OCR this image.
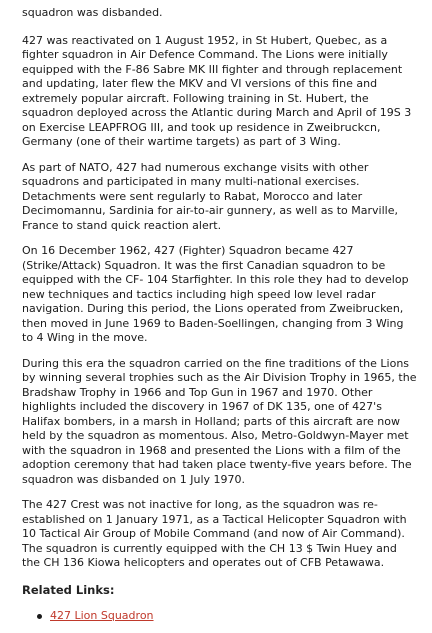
squadron was disbanded.

427 was reactivated on 1 August 1952, in St Hubert, Quebec, as a fighter squadron in Air Defence Command. The Lions were initially equipped with the F-86 Sabre MK III fighter and through replacement and updating, later flew the MKV and VI versions of this fine and extremely popular aircraft. Following training in St. Hubert, the squadron deployed across the Atlantic during March and April of 19S 3 on Exercise LEAPFROG III, and took up residence in Zweibruckcn, Germany (one of their wartime targets) as part of 3 Wing.

As part of NATO, 427 had numerous exchange visits with other squadrons and participated in many multi-national exercises. Detachments were sent regularly to Rabat, Morocco and later Decimomannu, Sardinia for air-to-air gunnery, as well as to Marville, France to stand quick reaction alert.

On 16 December 1962, 427 (Fighter) Squadron became 427 (Strike/Attack) Squadron. It was the first Canadian squadron to be equipped with the CF- 104 Starfighter. In this role they had to develop new techniques and tactics including high speed low level radar navigation. During this period, the Lions operated from Zweibrucken, then moved in June 1969 to Baden-Soellingen, changing from 3 Wing to 4 Wing in the move.

During this era the squadron carried on the fine traditions of the Lions by winning several trophies such as the Air Division Trophy in 1965, the Bradshaw Trophy in 1966 and Top Gun in 1967 and 1970. Other highlights included the discovery in 1967 of DK 135, one of 427's Halifax bombers, in a marsh in Holland; parts of this aircraft are now held by the squadron as momentous. Also, Metro-Goldwyn-Mayer met with the squadron in 1968 and presented the Lions with a film of the adoption ceremony that had taken place twenty-five years before. The squadron was disbanded on 1 July 1970.

The 427 Crest was not inactive for long, as the squadron was re-established on 1 January 1971, as a Tactical Helicopter Squadron with 10 Tactical Air Group of Mobile Command (and now of Air Command). The squadron is currently equipped with the CH 13 $ Twin Huey and the CH 136 Kiowa helicopters and operates out of CFB Petawawa.

Related Links:
427 Lion Squadron
